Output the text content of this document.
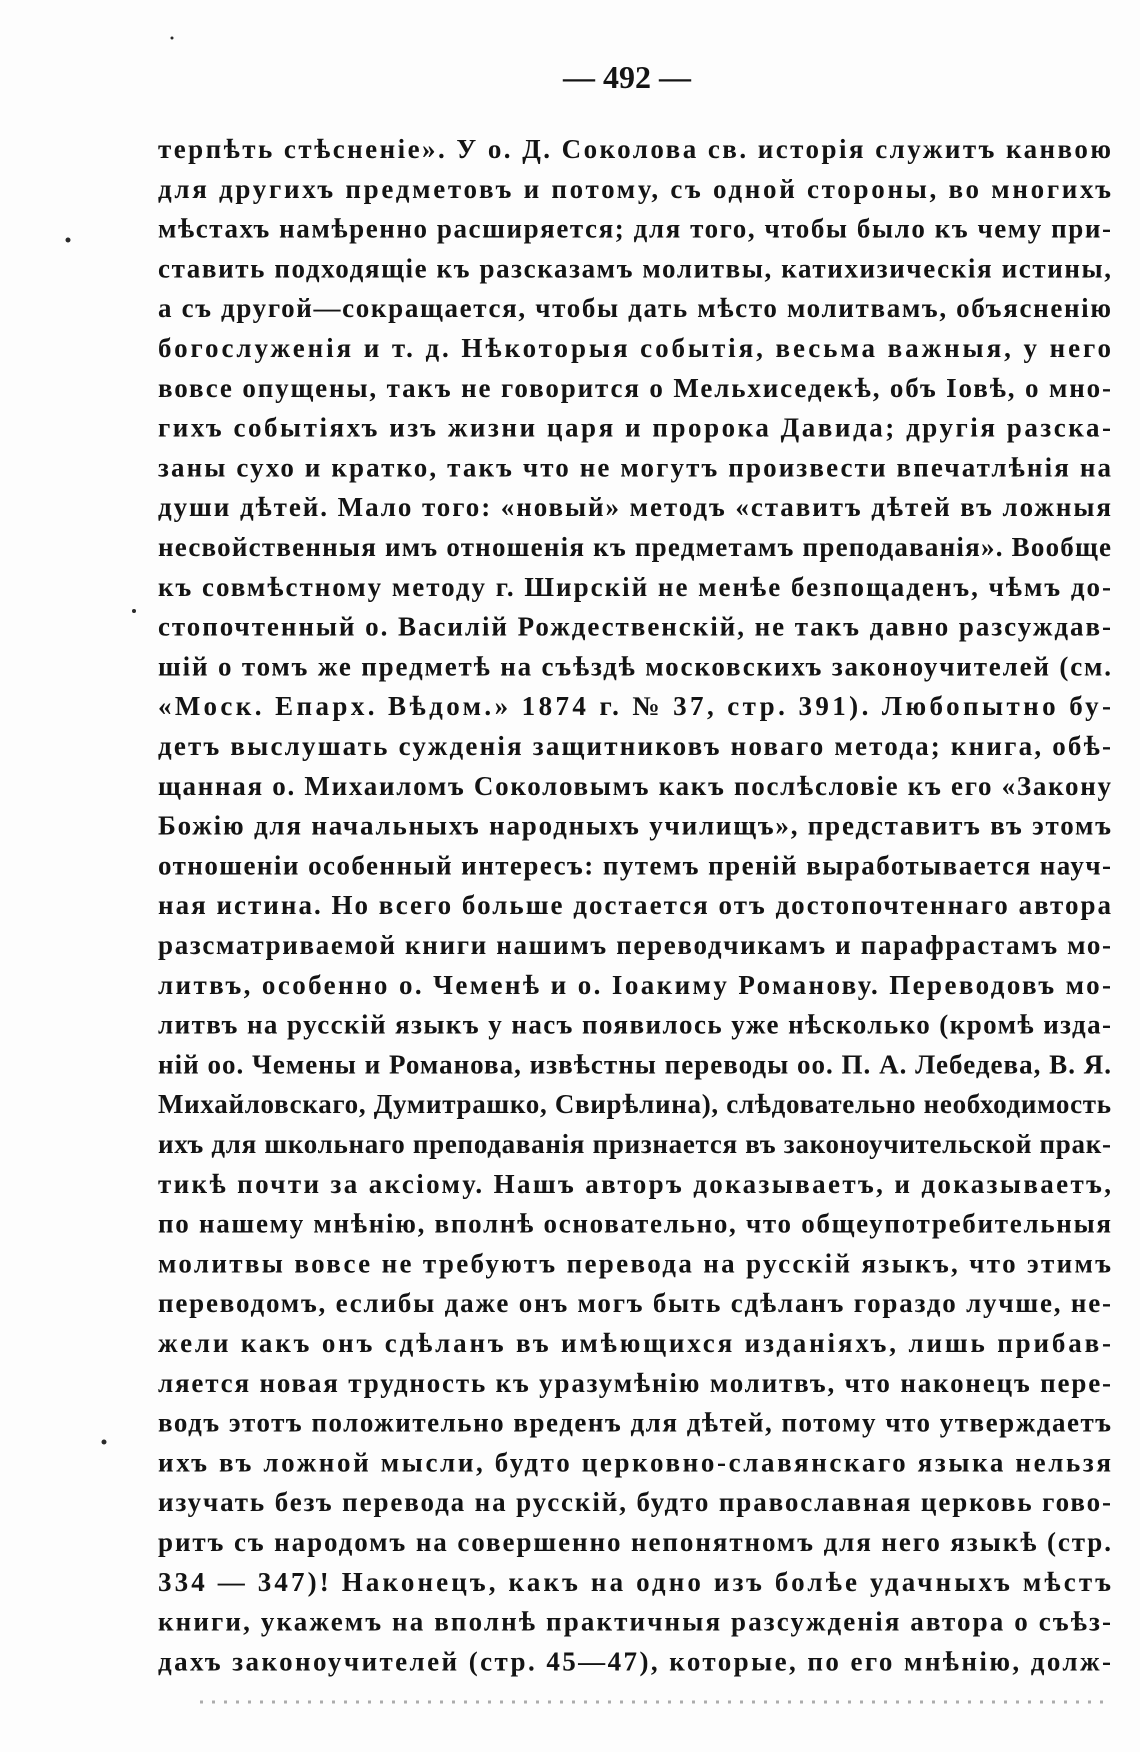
— 492 —
терпѣть стѣсненіе». У о. Д. Соколова св. исторія служитъ канвою
для другихъ предметовъ и потому, съ одной стороны, во многихъ
мѣстахъ намѣренно расширяется; для того, чтобы было къ чему при-
ставить подходящіе къ разсказамъ молитвы, катихизическія истины,
а съ другой—сокращается, чтобы дать мѣсто молитвамъ, объясненію
богослуженія и т. д. Нѣкоторыя событія, весьма важныя, у него
вовсе опущены, такъ не говорится о Мельхиседекѣ, объ Іовѣ, о мно-
гихъ событіяхъ изъ жизни царя и пророка Давида; другія разска-
заны сухо и кратко, такъ что не могутъ произвести впечатлѣнія на
души дѣтей. Мало того: «новый» методъ «ставитъ дѣтей въ ложныя
несвойственныя имъ отношенія къ предметамъ преподаванія». Вообще
къ совмѣстному методу г. Ширскій не менѣе безпощаденъ, чѣмъ до-
стопочтенный о. Василій Рождественскій, не такъ давно разсуждав-
шій о томъ же предметѣ на съѣздѣ московскихъ законоучителей (см.
«Моск. Епарх. Вѣдом.» 1874 г. № 37, стр. 391). Любопытно бу-
детъ выслушать сужденія защитниковъ новаго метода; книга, обѣ-
щанная о. Михаиломъ Соколовымъ какъ послѣсловіе къ его «Закону
Божію для начальныхъ народныхъ училищъ», представитъ въ этомъ
отношеніи особенный интересъ: путемъ преній выработывается науч-
ная истина. Но всего больше достается отъ достопочтеннаго автора
разсматриваемой книги нашимъ переводчикамъ и парафрастамъ мо-
литвъ, особенно о. Чеменѣ и о. Іоакиму Романову. Переводовъ мо-
литвъ на русскій языкъ у насъ появилось уже нѣсколько (кромѣ изда-
ній оо. Чемены и Романова, извѣстны переводы оо. П. А. Лебедева, В. Я.
Михайловскаго, Думитрашко, Свирѣлина), слѣдовательно необходимость
ихъ для школьнаго преподаванія признается въ законоучительской прак-
тикѣ почти за аксіому. Нашъ авторъ доказываетъ, и доказываетъ,
по нашему мнѣнію, вполнѣ основательно, что общеупотребительныя
молитвы вовсе не требуютъ перевода на русскій языкъ, что этимъ
переводомъ, еслибы даже онъ могъ быть сдѣланъ гораздо лучше, не-
жели какъ онъ сдѣланъ въ имѣющихся изданіяхъ, лишь прибав-
ляется новая трудность къ уразумѣнію молитвъ, что наконецъ пере-
водъ этотъ положительно вреденъ для дѣтей, потому что утверждаетъ
ихъ въ ложной мысли, будто церковно-славянскаго языка нельзя
изучать безъ перевода на русскій, будто православная церковь гово-
ритъ съ народомъ на совершенно непонятномъ для него языкѣ (стр.
334 — 347)! Наконецъ, какъ на одно изъ болѣе удачныхъ мѣстъ
книги, укажемъ на вполнѣ практичныя разсужденія автора о съѣз-
дахъ законоучителей (стр. 45—47), которые, по его мнѣнію, долж-
